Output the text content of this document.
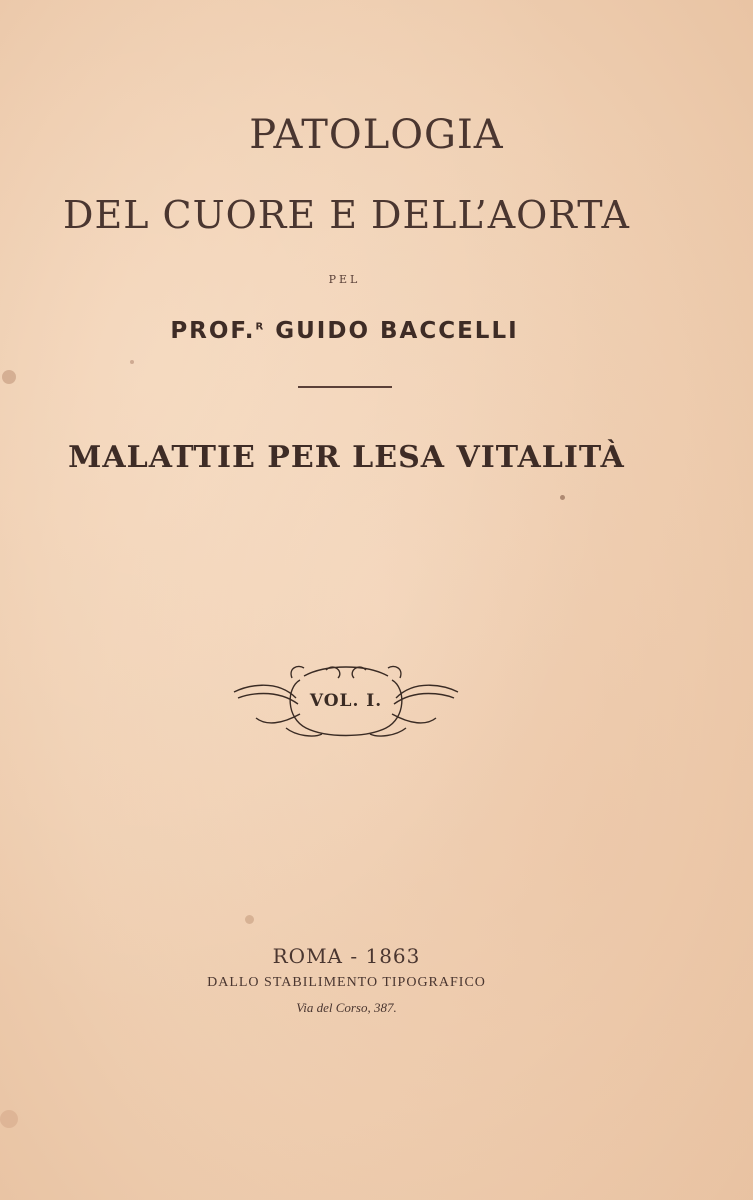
PATOLOGIA
DEL CUORE E DELL’AORTA

PEL

PROF.$^R$ GUIDO BACCELLI

MALATTIE PER LESA VITALITÀ
VOL. I.

ROMA - 1863

DALLO STABILIMENTO TIPOGRAFICO

Via del Corso, 387.
